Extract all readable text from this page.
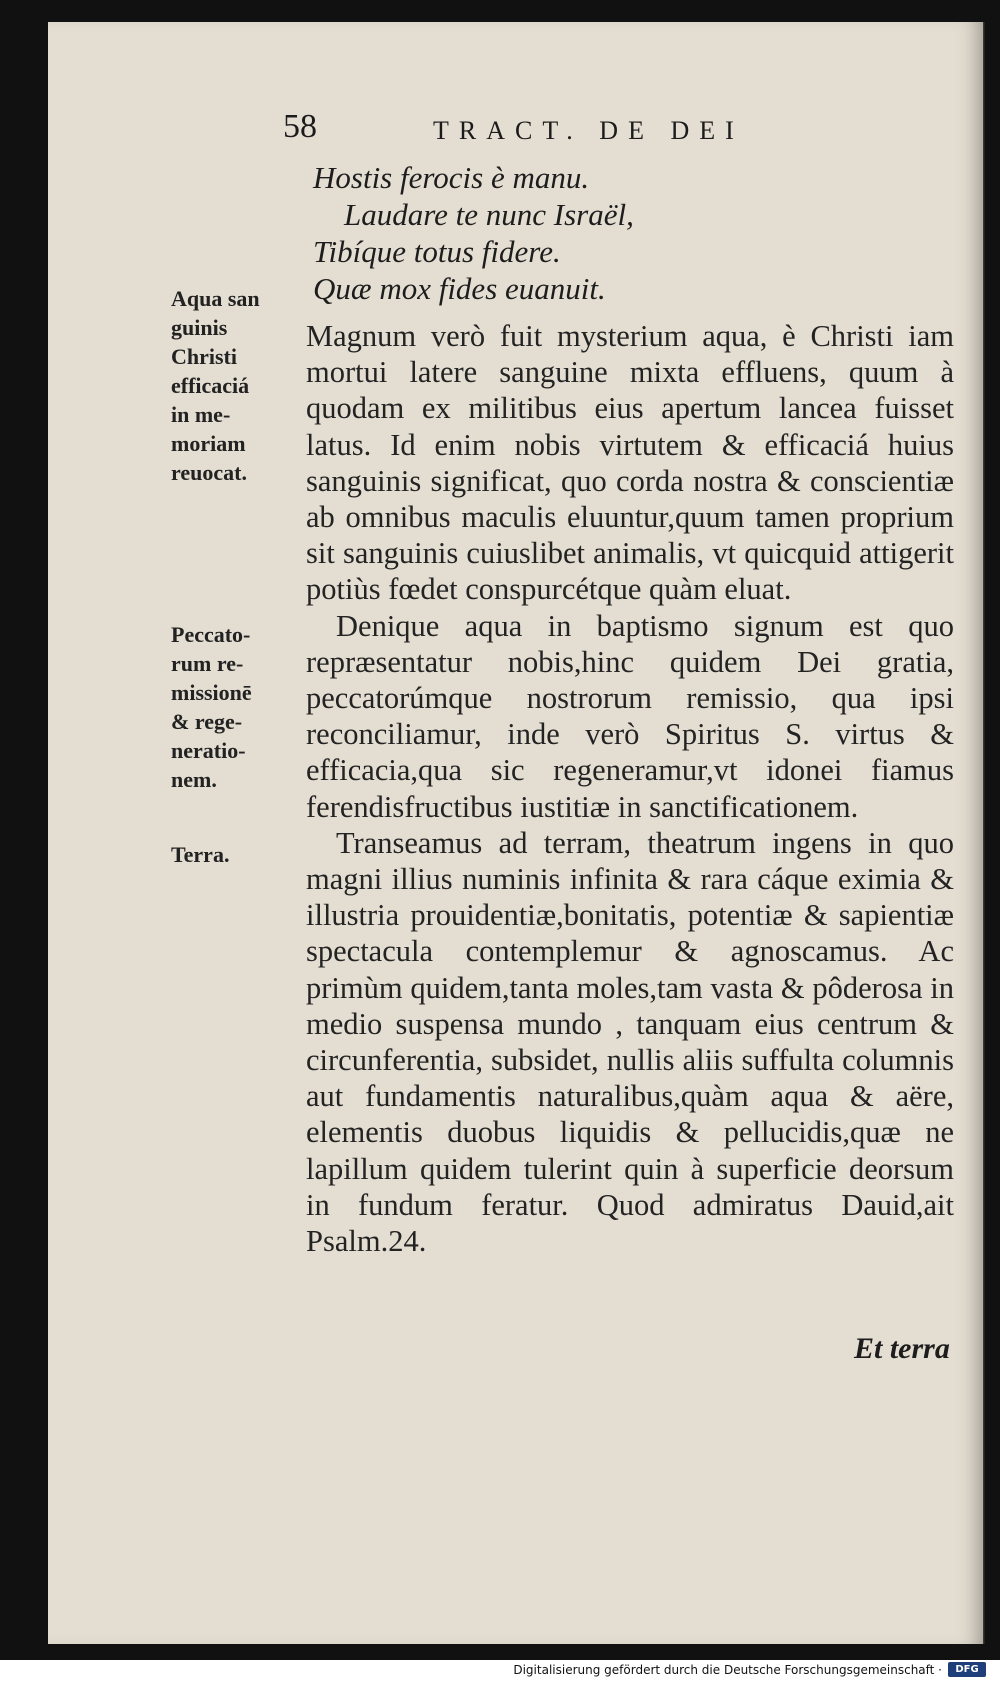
58	TRACT. DE DEI
Hostis ferocis è manu.
Laudare te nunc Israël,
Tibíque totus fidere.
Quæ mox fides euanuit.

Magnum verò fuit mysterium aqua, è Christi iam mortui latere sanguine mixta effluens, quum à quodam ex militibus eius apertum lancea fuisset latus. Id enim nobis virtutem & efficaciá huius sanguinis significat, quo corda nostra & conscientiæ ab omnibus maculis eluuntur,quum tamen proprium sit sanguinis cuiuslibet animalis, vt quicquid attigerit potiùs fœdet conspurcétque quàm eluat.

Denique aqua in baptismo signum est quo repræsentatur nobis,hinc quidem Dei gratia, peccatorúmque nostrorum remissio, qua ipsi reconciliamur, inde verò Spiritus S. virtus & efficacia,qua sic regeneramur,vt idonei fiamus ferendisfructibus iustitiæ in sanctificationem.

Transeamus ad terram, theatrum ingens in quo magni illius numinis infinita & rara cáque eximia & illustria prouidentiæ,bonitatis, potentiæ & sapientiæ spectacula contemplemur & agnoscamus. Ac primùm quidem,tanta moles,tam vasta & pôderosa in medio suspensa mundo , tanquam eius centrum & circunferentia, subsidet, nullis aliis suffulta columnis aut fundamentis naturalibus,quàm aqua & aëre, elementis duobus liquidis & pellucidis,quæ ne lapillum quidem tulerint quin à superficie deorsum in fundum feratur. Quod admiratus Dauid,ait Psalm.24.

Aqua san
guinis
Christi
efficaciá
in me-
moriam
reuocat.
Peccato-
rum re-
missionē
& rege-
neratio-
nem.
Terra.
Et terra
Digitalisierung gefördert durch die Deutsche Forschungsgemeinschaft ·	DFG
